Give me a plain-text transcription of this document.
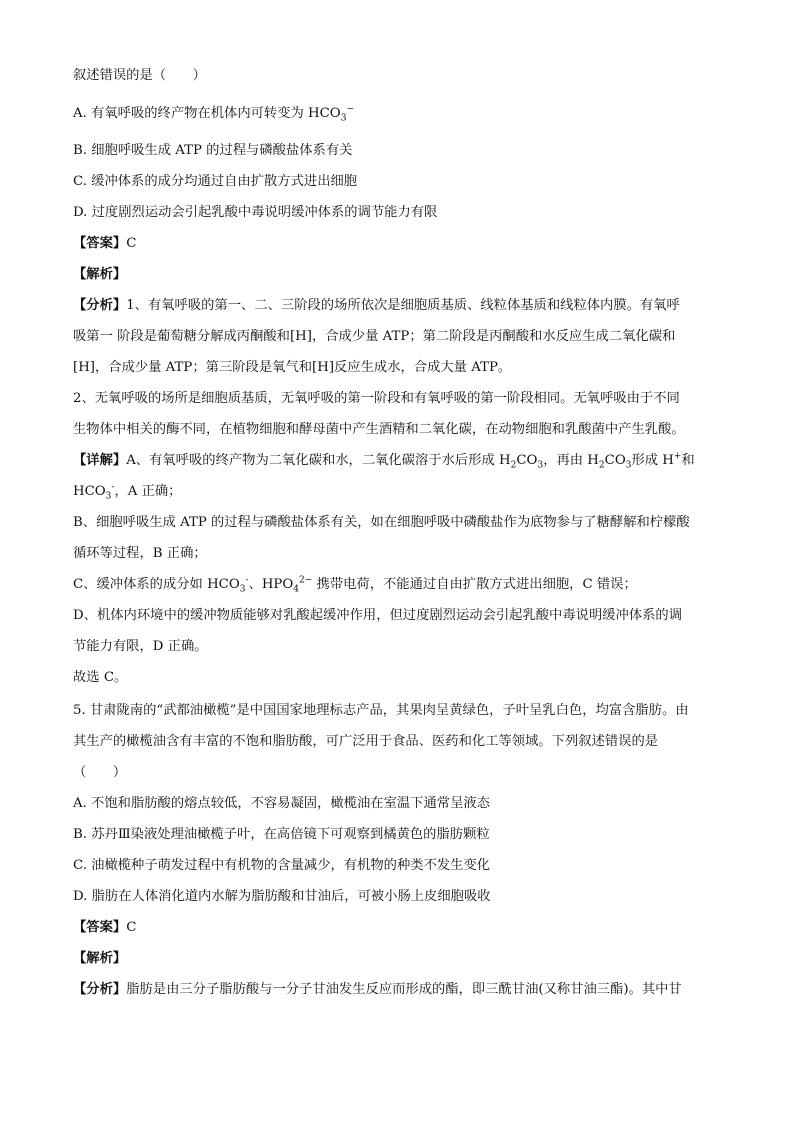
叙述错误的是（　　）
A. 有氧呼吸的终产物在机体内可转变为 $HCO_3^-$
B. 细胞呼吸生成 ATP 的过程与磷酸盐体系有关
C. 缓冲体系的成分均通过自由扩散方式进出细胞
D. 过度剧烈运动会引起乳酸中毒说明缓冲体系的调节能力有限
【答案】C
【解析】
【分析】1、有氧呼吸的第一、二、三阶段的场所依次是细胞质基质、线粒体基质和线粒体内膜。有氧呼
吸第一 阶段是葡萄糖分解成丙酮酸和[H]，合成少量 ATP；第二阶段是丙酮酸和水反应生成二氧化碳和
[H]，合成少量 ATP；第三阶段是氧气和[H]反应生成水，合成大量 ATP。
2、无氧呼吸的场所是细胞质基质，无氧呼吸的第一阶段和有氧呼吸的第一阶段相同。无氧呼吸由于不同
生物体中相关的酶不同，在植物细胞和酵母菌中产生酒精和二氧化碳，在动物细胞和乳酸菌中产生乳酸。
【详解】A、有氧呼吸的终产物为二氧化碳和水，二氧化碳溶于水后形成 $H_2CO_3$，再由 $H_2CO_3$形成 H+和
$HCO_3^-$，A 正确；
B、细胞呼吸生成 ATP 的过程与磷酸盐体系有关，如在细胞呼吸中磷酸盐作为底物参与了糖酵解和柠檬酸
循环等过程，B 正确；
C、缓冲体系的成分如 $HCO_3^-$、$HPO_4^{2-}$ 携带电荷，不能通过自由扩散方式进出细胞，C 错误；
D、机体内环境中的缓冲物质能够对乳酸起缓冲作用，但过度剧烈运动会引起乳酸中毒说明缓冲体系的调
节能力有限，D 正确。
故选 C。
5. 甘肃陇南的“武都油橄榄”是中国国家地理标志产品，其果肉呈黄绿色，子叶呈乳白色，均富含脂肪。由
其生产的橄榄油含有丰富的不饱和脂肪酸，可广泛用于食品、医药和化工等领域。下列叙述错误的是
（　　）
A. 不饱和脂肪酸的熔点较低，不容易凝固，橄榄油在室温下通常呈液态
B. 苏丹Ⅲ染液处理油橄榄子叶，在高倍镜下可观察到橘黄色的脂肪颗粒
C. 油橄榄种子萌发过程中有机物的含量减少，有机物的种类不发生变化
D. 脂肪在人体消化道内水解为脂肪酸和甘油后，可被小肠上皮细胞吸收
【答案】C
【解析】
【分析】脂肪是由三分子脂肪酸与一分子甘油发生反应而形成的酯，即三酰甘油(又称甘油三酯)。其中甘
